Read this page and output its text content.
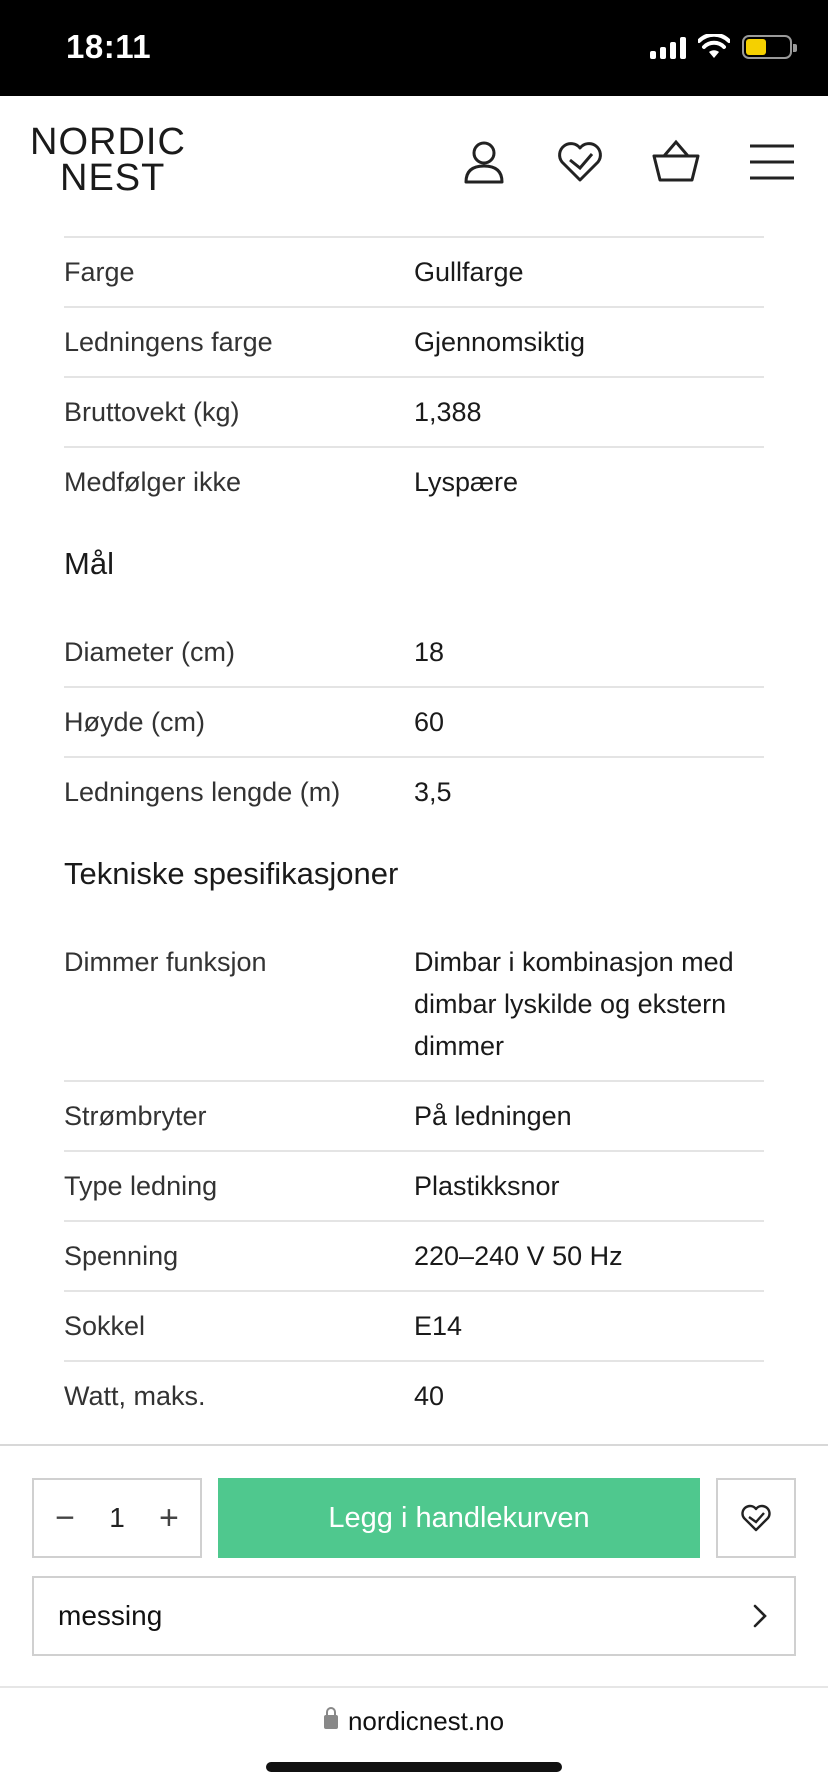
18:11
NORDIC
NEST
Farge	Gullfarge
Ledningens farge	Gjennomsiktig
Bruttovekt (kg)	1,388
Medfølger ikke	Lyspære
Mål
Diameter (cm)	18
Høyde (cm)	60
Ledningens lengde (m)	3,5
Tekniske spesifikasjoner
Dimmer funksjon	Dimbar i kombinasjon med dimbar lyskilde og ekstern dimmer
Strømbryter	På ledningen
Type ledning	Plastikksnor
Spenning	220–240 V 50 Hz
Sokkel	E14
Watt, maks.	40
− 1 +	Legg i handlekurven
messing
nordicnest.no
